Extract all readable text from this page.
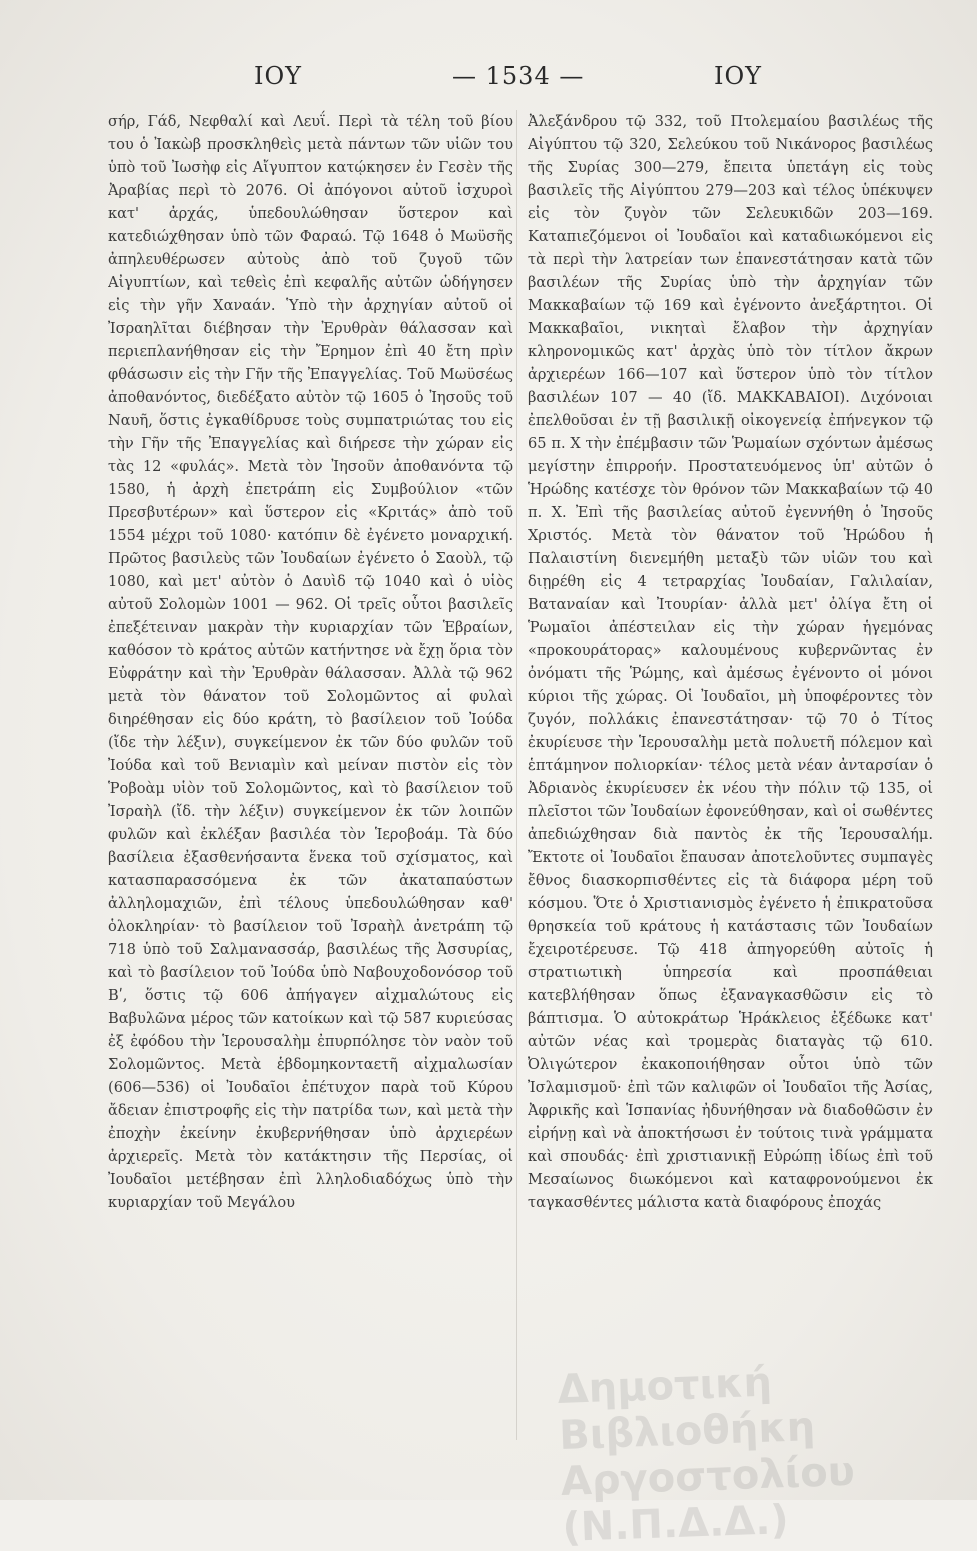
ΙΟΥ	— 1534 —	ΙΟΥ

σήρ, Γάδ, Νεφθαλί καὶ Λευΐ. Περὶ τὰ τέλη τοῦ βίου του ὁ Ἰακὼβ προσκληθεὶς μετὰ πάντων τῶν υἱῶν του ὑπὸ τοῦ Ἰωσὴφ εἰς Αἴγυπτον κατῴκησεν ἐν Γεσὲν τῆς Ἀραβίας περὶ τὸ 2076. Οἱ ἀπόγονοι αὐτοῦ ἰσχυροὶ κατ' ἀρχάς, ὑπεδουλώθησαν ὕστερον καὶ κατεδιώχθησαν ὑπὸ τῶν Φαραώ. Τῷ 1648 ὁ Μωϋσῆς ἀπηλευθέρωσεν αὐτοὺς ἀπὸ τοῦ ζυγοῦ τῶν Αἰγυπτίων, καὶ τεθεὶς ἐπὶ κεφαλῆς αὐτῶν ὡδήγησεν εἰς τὴν γῆν Χαναάν. Ὑπὸ τὴν ἀρχηγίαν αὐτοῦ οἱ Ἰσραηλῖται διέβησαν τὴν Ἐρυθρὰν θάλασσαν καὶ περιεπλανήθησαν εἰς τὴν Ἔρημον ἐπὶ 40 ἔτη πρὶν φθάσωσιν εἰς τὴν Γῆν τῆς Ἐπαγγελίας. Τοῦ Μωϋσέως ἀποθανόντος, διεδέξατο αὐτὸν τῷ 1605 ὁ Ἰησοῦς τοῦ Ναυῆ, ὅστις ἐγκαθίδρυσε τοὺς συμπατριώτας του εἰς τὴν Γῆν τῆς Ἐπαγγελίας καὶ διήρεσε τὴν χώραν εἰς τὰς 12 «φυλάς». Μετὰ τὸν Ἰησοῦν ἀποθανόντα τῷ 1580, ἡ ἀρχὴ ἐπετράπη εἰς Συμβούλιον «τῶν Πρεσβυτέρων» καὶ ὕστερον εἰς «Κριτάς» ἀπὸ τοῦ 1554 μέχρι τοῦ 1080· κατόπιν δὲ ἐγένετο μοναρχική. Πρῶτος βασιλεὺς τῶν Ἰουδαίων ἐγένετο ὁ Σαοὺλ, τῷ 1080, καὶ μετ' αὐτὸν ὁ Δαυὶδ τῷ 1040 καὶ ὁ υἱὸς αὐτοῦ Σολομὼν 1001 — 962. Οἱ τρεῖς οὗτοι βασιλεῖς ἐπεξέτειναν μακρὰν τὴν κυριαρχίαν τῶν Ἑβραίων, καθόσον τὸ κράτος αὐτῶν κατήντησε νὰ ἔχῃ ὅρια τὸν Εὐφράτην καὶ τὴν Ἐρυθρὰν θάλασσαν. Ἀλλὰ τῷ 962 μετὰ τὸν θάνατον τοῦ Σολομῶντος αἱ φυλαὶ διηρέθησαν εἰς δύο κράτη, τὸ βασίλειον τοῦ Ἰούδα (ἴδε τὴν λέξιν), συγκείμενον ἐκ τῶν δύο φυλῶν τοῦ Ἰούδα καὶ τοῦ Βενιαμὶν καὶ μείναν πιστὸν εἰς τὸν Ῥοβοὰμ υἱὸν τοῦ Σολομῶντος, καὶ τὸ βασίλειον τοῦ Ἰσραὴλ (ἴδ. τὴν λέξιν) συγκείμενον ἐκ τῶν λοιπῶν φυλῶν καὶ ἐκλέξαν βασιλέα τὸν Ἱεροβοάμ. Τὰ δύο βασίλεια ἐξασθενήσαντα ἕνεκα τοῦ σχίσματος, καὶ κατασπαρασσόμενα ἐκ τῶν ἀκαταπαύστων ἀλληλομαχιῶν, ἐπὶ τέλους ὑπεδουλώθησαν καθ' ὁλοκληρίαν· τὸ βασίλειον τοῦ Ἰσραὴλ ἀνετράπη τῷ 718 ὑπὸ τοῦ Σαλμανασσάρ, βασιλέως τῆς Ἀσσυρίας, καὶ τὸ βασίλειον τοῦ Ἰούδα ὑπὸ Ναβουχοδονόσορ τοῦ Βʹ, ὅστις τῷ 606 ἀπήγαγεν αἰχμαλώτους εἰς Βαβυλῶνα μέρος τῶν κατοίκων καὶ τῷ 587 κυριεύσας ἐξ ἐφόδου τὴν Ἱερουσαλὴμ ἐπυρπόλησε τὸν ναὸν τοῦ Σολομῶντος. Μετὰ ἑβδομηκονταετῆ αἰχμαλωσίαν (606—536) οἱ Ἰουδαῖοι ἐπέτυχον παρὰ τοῦ Κύρου ἄδειαν ἐπιστροφῆς εἰς τὴν πατρίδα των, καὶ μετὰ τὴν ἐποχὴν ἐκείνην ἐκυβερνήθησαν ὑπὸ ἀρχιερέων ἀρχιερεῖς. Μετὰ τὸν κατάκτησιν τῆς Περσίας, οἱ Ἰουδαῖοι μετέβησαν ἐπὶ λληλοδιαδόχως ὑπὸ τὴν κυριαρχίαν τοῦ Μεγάλου

Ἀλεξάνδρου τῷ 332, τοῦ Πτολεμαίου βασιλέως τῆς Αἰγύπτου τῷ 320, Σελεύκου τοῦ Νικάνορος βασιλέως τῆς Συρίας 300—279, ἔπειτα ὑπετάγη εἰς τοὺς βασιλεῖς τῆς Αἰγύπτου 279—203 καὶ τέλος ὑπέκυψεν εἰς τὸν ζυγὸν τῶν Σελευκιδῶν 203—169. Καταπιεζόμενοι οἱ Ἰουδαῖοι καὶ καταδιωκόμενοι εἰς τὰ περὶ τὴν λατρείαν των ἐπανεστάτησαν κατὰ τῶν βασιλέων τῆς Συρίας ὑπὸ τὴν ἀρχηγίαν τῶν Μακκαβαίων τῷ 169 καὶ ἐγένοντο ἀνεξάρτητοι. Οἱ Μακκαβαῖοι, νικηταὶ ἔλαβον τὴν ἀρχηγίαν κληρονομικῶς κατ' ἀρχὰς ὑπὸ τὸν τίτλον ἄκρων ἀρχιερέων 166—107 καὶ ὕστερον ὑπὸ τὸν τίτλον βασιλέων 107 — 40 (ἴδ. ΜΑΚΚΑΒΑΙΟΙ). Διχόνοιαι ἐπελθοῦσαι ἐν τῇ βασιλικῇ οἰκογενείᾳ ἐπήνεγκον τῷ 65 π. Χ τὴν ἐπέμβασιν τῶν Ῥωμαίων σχόντων ἀμέσως μεγίστην ἐπιρροήν. Προστατευόμενος ὑπ' αὐτῶν ὁ Ἡρώδης κατέσχε τὸν θρόνον τῶν Μακκαβαίων τῷ 40 π. Χ. Ἐπὶ τῆς βασιλείας αὐτοῦ ἐγεννήθη ὁ Ἰησοῦς Χριστός. Μετὰ τὸν θάνατον τοῦ Ἡρώδου ἡ Παλαιστίνη διενεμήθη μεταξὺ τῶν υἱῶν του καὶ διῃρέθη εἰς 4 τετραρχίας Ἰουδαίαν, Γαλιλαίαν, Βαταναίαν καὶ Ἰτουρίαν· ἀλλὰ μετ' ὀλίγα ἔτη οἱ Ῥωμαῖοι ἀπέστειλαν εἰς τὴν χώραν ἡγεμόνας «προκουράτορας» καλουμένους κυβερνῶντας ἐν ὀνόματι τῆς Ῥώμης, καὶ ἀμέσως ἐγένοντο οἱ μόνοι κύριοι τῆς χώρας. Οἱ Ἰουδαῖοι, μὴ ὑποφέροντες τὸν ζυγόν, πολλάκις ἐπανεστάτησαν· τῷ 70 ὁ Τίτος ἐκυρίευσε τὴν Ἱερουσαλὴμ μετὰ πολυετῆ πόλεμον καὶ ἑπτάμηνον πολιορκίαν· τέλος μετὰ νέαν ἀνταρσίαν ὁ Ἀδριανὸς ἐκυρίευσεν ἐκ νέου τὴν πόλιν τῷ 135, οἱ πλεῖστοι τῶν Ἰουδαίων ἐφονεύθησαν, καὶ οἱ σωθέντες ἀπεδιώχθησαν διὰ παντὸς ἐκ τῆς Ἱερουσαλήμ. Ἔκτοτε οἱ Ἰουδαῖοι ἔπαυσαν ἀποτελοῦντες συμπαγὲς ἔθνος διασκορπισθέντες εἰς τὰ διάφορα μέρη τοῦ κόσμου. Ὅτε ὁ Χριστιανισμὸς ἐγένετο ἡ ἐπικρατοῦσα θρησκεία τοῦ κράτους ἡ κατάστασις τῶν Ἰουδαίων ἔχειροτέρευσε. Τῷ 418 ἀπηγορεύθη αὐτοῖς ἡ στρατιωτικὴ ὑπηρεσία καὶ προσπάθειαι κατεβλήθησαν ὅπως ἐξαναγκασθῶσιν εἰς τὸ βάπτισμα. Ὁ αὐτοκράτωρ Ἡράκλειος ἐξέδωκε κατ' αὐτῶν νέας καὶ τρομερὰς διαταγὰς τῷ 610. Ὀλιγώτερον ἐκακοποιήθησαν οὗτοι ὑπὸ τῶν Ἰσλαμισμοῦ· ἐπὶ τῶν καλιφῶν οἱ Ἰουδαῖοι τῆς Ἀσίας, Ἀφρικῆς καὶ Ἱσπανίας ἠδυνήθησαν νὰ διαδοθῶσιν ἐν εἰρήνῃ καὶ νὰ ἀποκτήσωσι ἐν τούτοις τινὰ γράμματα καὶ σπουδάς· ἐπὶ χριστιανικῇ Εὐρώπῃ ἰδίως ἐπὶ τοῦ Μεσαίωνος διωκόμενοι καὶ καταφρονούμενοι ἐκ ταγκασθέντες μάλιστα κατὰ διαφόρους ἐποχάς

Δημοτική Βιβλιοθήκη Αργοστολίου (Ν.Π.Δ.Δ.)
